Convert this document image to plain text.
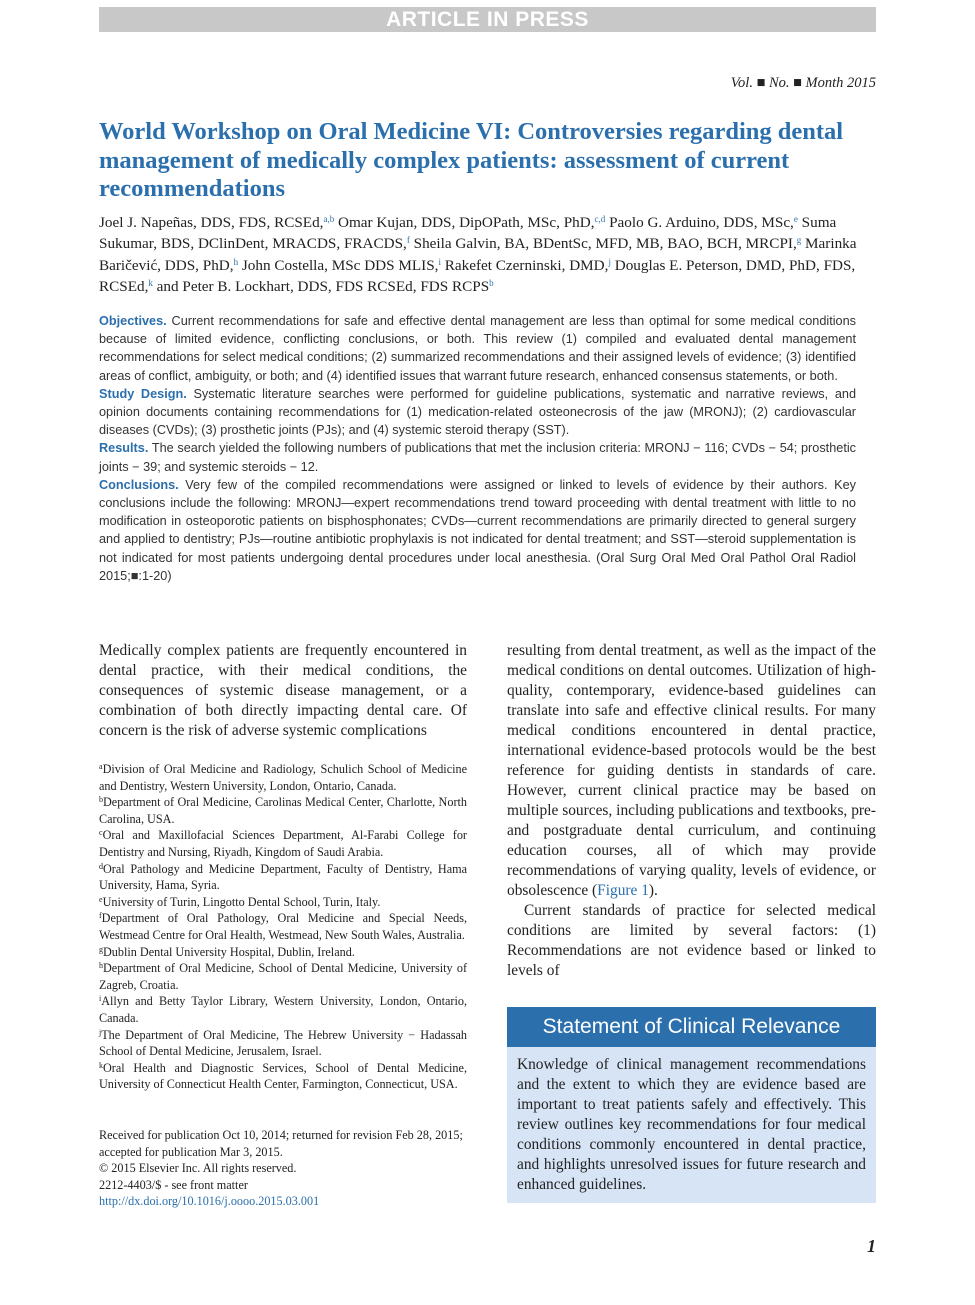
ARTICLE IN PRESS
Vol. ■ No. ■ Month 2015
World Workshop on Oral Medicine VI: Controversies regarding dental management of medically complex patients: assessment of current recommendations
Joel J. Napeñas, DDS, FDS, RCSEd,$^{a,b}$ Omar Kujan, DDS, DipOPath, MSc, PhD,$^{c,d}$ Paolo G. Arduino, DDS, MSc,$^e$ Suma Sukumar, BDS, DClinDent, MRACDS, FRACDS,$^f$ Sheila Galvin, BA, BDentSc, MFD, MB, BAO, BCH, MRCPI,$^g$ Marinka Baričević, DDS, PhD,$^h$ John Costella, MSc DDS MLIS,$^i$ Rakefet Czerninski, DMD,$^j$ Douglas E. Peterson, DMD, PhD, FDS, RCSEd,$^k$ and Peter B. Lockhart, DDS, FDS RCSEd, FDS RCPS$^b$

Objectives. Current recommendations for safe and effective dental management are less than optimal for some medical conditions because of limited evidence, conflicting conclusions, or both. This review (1) compiled and evaluated dental management recommendations for select medical conditions; (2) summarized recommendations and their assigned levels of evidence; (3) identified areas of conflict, ambiguity, or both; and (4) identified issues that warrant future research, enhanced consensus statements, or both.

Study Design. Systematic literature searches were performed for guideline publications, systematic and narrative reviews, and opinion documents containing recommendations for (1) medication-related osteonecrosis of the jaw (MRONJ); (2) cardiovascular diseases (CVDs); (3) prosthetic joints (PJs); and (4) systemic steroid therapy (SST).

Results. The search yielded the following numbers of publications that met the inclusion criteria: MRONJ − 116; CVDs − 54; prosthetic joints − 39; and systemic steroids − 12.

Conclusions. Very few of the compiled recommendations were assigned or linked to levels of evidence by their authors. Key conclusions include the following: MRONJ—expert recommendations trend toward proceeding with dental treatment with little to no modification in osteoporotic patients on bisphosphonates; CVDs—current recommendations are primarily directed to general surgery and applied to dentistry; PJs—routine antibiotic prophylaxis is not indicated for dental treatment; and SST—steroid supplementation is not indicated for most patients undergoing dental procedures under local anesthesia. (Oral Surg Oral Med Oral Pathol Oral Radiol 2015;■:1-20)

Medically complex patients are frequently encountered in dental practice, with their medical conditions, the consequences of systemic disease management, or a combination of both directly impacting dental care. Of concern is the risk of adverse systemic complications

$^a$Division of Oral Medicine and Radiology, Schulich School of Medicine and Dentistry, Western University, London, Ontario, Canada.

$^b$Department of Oral Medicine, Carolinas Medical Center, Charlotte, North Carolina, USA.

$^c$Oral and Maxillofacial Sciences Department, Al-Farabi College for Dentistry and Nursing, Riyadh, Kingdom of Saudi Arabia.

$^d$Oral Pathology and Medicine Department, Faculty of Dentistry, Hama University, Hama, Syria.

$^e$University of Turin, Lingotto Dental School, Turin, Italy.

$^f$Department of Oral Pathology, Oral Medicine and Special Needs, Westmead Centre for Oral Health, Westmead, New South Wales, Australia.

$^g$Dublin Dental University Hospital, Dublin, Ireland.

$^h$Department of Oral Medicine, School of Dental Medicine, University of Zagreb, Croatia.

$^i$Allyn and Betty Taylor Library, Western University, London, Ontario, Canada.

$^j$The Department of Oral Medicine, The Hebrew University − Hadassah School of Dental Medicine, Jerusalem, Israel.

$^k$Oral Health and Diagnostic Services, School of Dental Medicine, University of Connecticut Health Center, Farmington, Connecticut, USA.

Received for publication Oct 10, 2014; returned for revision Feb 28, 2015; accepted for publication Mar 3, 2015.

© 2015 Elsevier Inc. All rights reserved.

2212-4403/$ - see front matter

http://dx.doi.org/10.1016/j.oooo.2015.03.001

resulting from dental treatment, as well as the impact of the medical conditions on dental outcomes. Utilization of high-quality, contemporary, evidence-based guidelines can translate into safe and effective clinical results. For many medical conditions encountered in dental practice, international evidence-based protocols would be the best reference for guiding dentists in standards of care. However, current clinical practice may be based on multiple sources, including publications and textbooks, pre- and postgraduate dental curriculum, and continuing education courses, all of which may provide recommendations of varying quality, levels of evidence, or obsolescence (Figure 1).

Current standards of practice for selected medical conditions are limited by several factors: (1) Recommendations are not evidence based or linked to levels of

Statement of Clinical Relevance

Knowledge of clinical management recommendations and the extent to which they are evidence based are important to treat patients safely and effectively. This review outlines key recommendations for four medical conditions commonly encountered in dental practice, and highlights unresolved issues for future research and enhanced guidelines.

1
